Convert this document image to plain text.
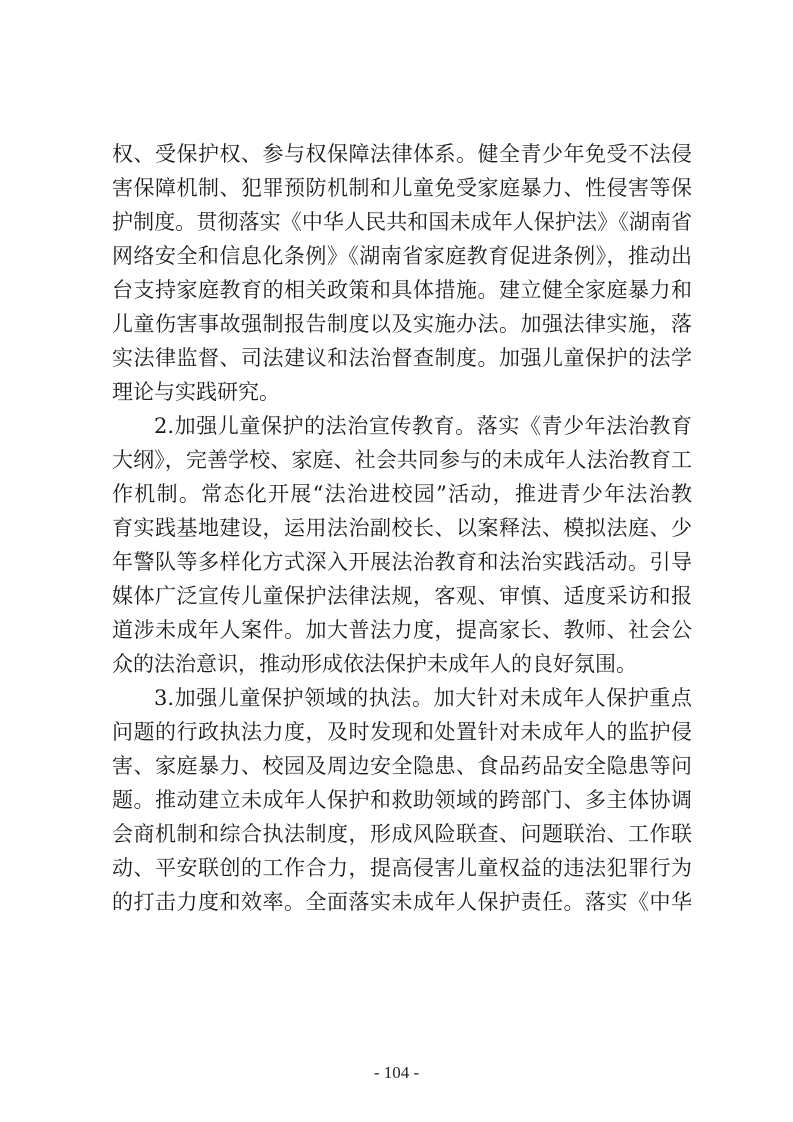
权、受保护权、参与权保障法律体系。健全青少年免受不法侵
害保障机制、犯罪预防机制和儿童免受家庭暴力、性侵害等保
护制度。贯彻落实《中华人民共和国未成年人保护法》《湖南省
网络安全和信息化条例》《湖南省家庭教育促进条例》，推动出
台支持家庭教育的相关政策和具体措施。建立健全家庭暴力和
儿童伤害事故强制报告制度以及实施办法。加强法律实施，落
实法律监督、司法建议和法治督查制度。加强儿童保护的法学
理论与实践研究。
2.加强儿童保护的法治宣传教育。落实《青少年法治教育
大纲》，完善学校、家庭、社会共同参与的未成年人法治教育工
作机制。常态化开展“法治进校园”活动，推进青少年法治教
育实践基地建设，运用法治副校长、以案释法、模拟法庭、少
年警队等多样化方式深入开展法治教育和法治实践活动。引导
媒体广泛宣传儿童保护法律法规，客观、审慎、适度采访和报
道涉未成年人案件。加大普法力度，提高家长、教师、社会公
众的法治意识，推动形成依法保护未成年人的良好氛围。
3.加强儿童保护领域的执法。加大针对未成年人保护重点
问题的行政执法力度，及时发现和处置针对未成年人的监护侵
害、家庭暴力、校园及周边安全隐患、食品药品安全隐患等问
题。推动建立未成年人保护和救助领域的跨部门、多主体协调
会商机制和综合执法制度，形成风险联查、问题联治、工作联
动、平安联创的工作合力，提高侵害儿童权益的违法犯罪行为
的打击力度和效率。全面落实未成年人保护责任。落实《中华
- 104 -
